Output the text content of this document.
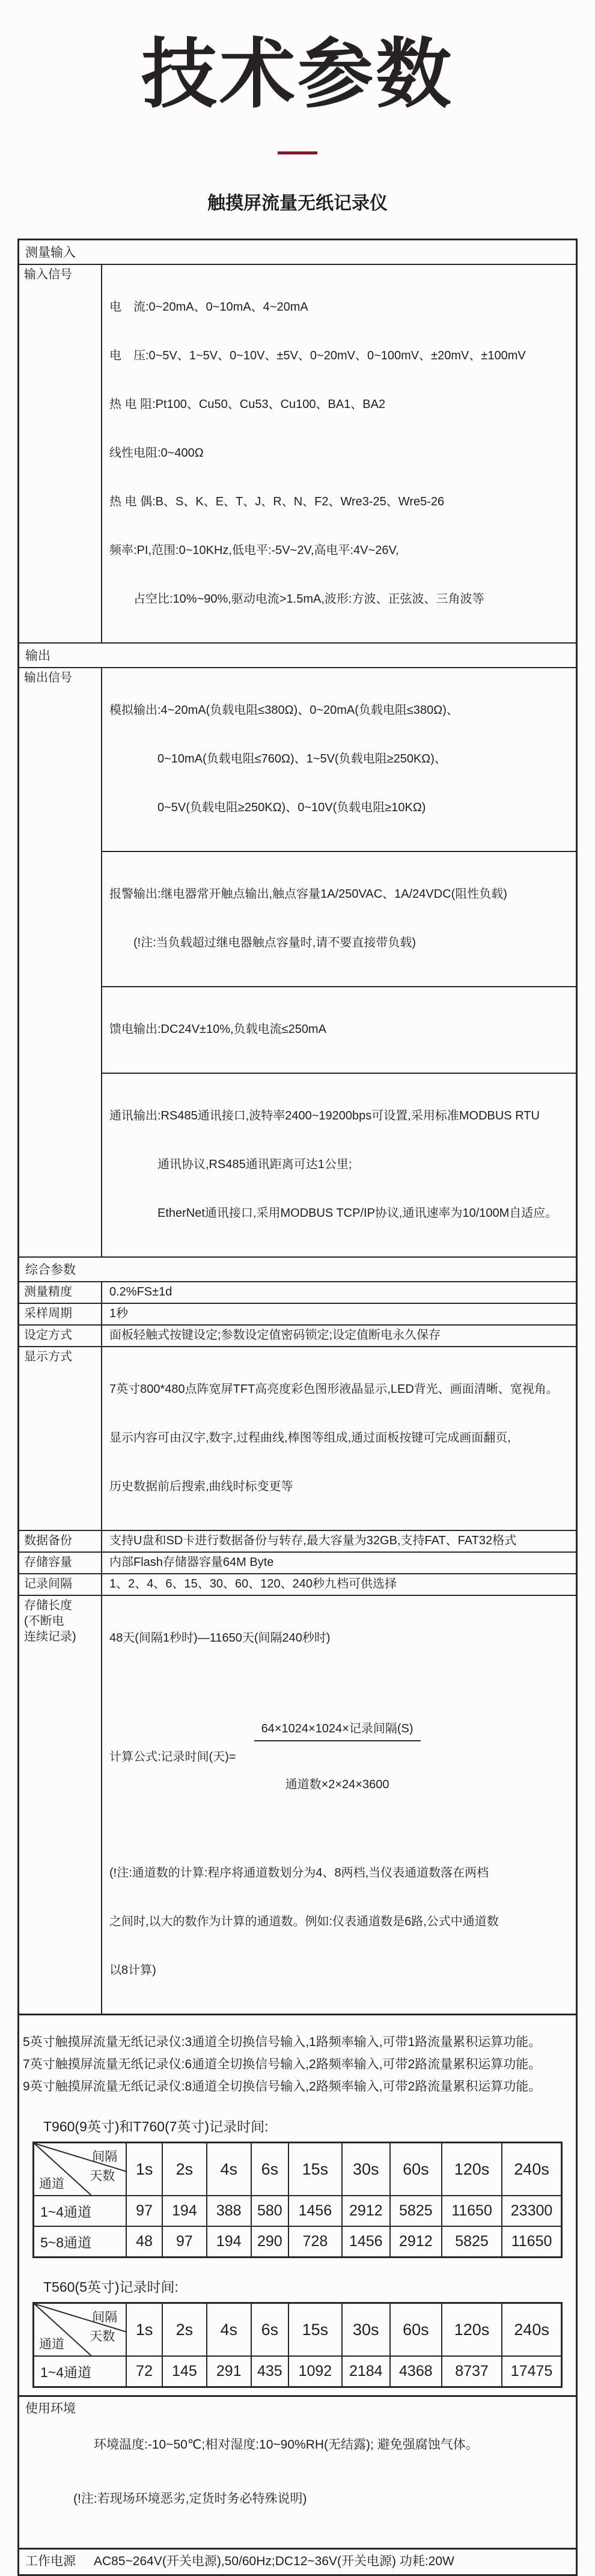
技术参数
触摸屏流量无纸记录仪
测量输入
输入信号

电　流:0~20mA、0~10mA、4~20mA

电　压:0~5V、1~5V、0~10V、±5V、0~20mV、0~100mV、±20mV、±100mV

热 电 阻:Pt100、Cu50、Cu53、Cu100、BA1、BA2

线性电阻:0~400Ω

热 电 偶:B、S、K、E、T、J、R、N、F2、Wre3-25、Wre5-26

频率:PI,范围:0~10KHz,低电平:-5V~2V,高电平:4V~26V,

　　占空比:10%~90%,驱动电流>1.5mA,波形:方波、正弦波、三角波等

输出
输出信号

模拟输出:4~20mA(负载电阻≤380Ω)、0~20mA(负载电阻≤380Ω)、

　　　　0~10mA(负载电阻≤760Ω)、1~5V(负载电阻≥250KΩ)、

　　　　0~5V(负载电阻≥250KΩ)、0~10V(负载电阻≥10KΩ)

报警输出:继电器常开触点输出,触点容量1A/250VAC、1A/24VDC(阻性负载)

　　(!注:当负载超过继电器触点容量时,请不要直接带负载)

馈电输出:DC24V±10%,负载电流≤250mA

通讯输出:RS485通讯接口,波特率2400~19200bps可设置,采用标准MODBUS RTU

　　　　通讯协议,RS485通讯距离可达1公里;

　　　　EtherNet通讯接口,采用MODBUS TCP/IP协议,通讯速率为10/100M自适应。

综合参数
测量精度	0.2%FS±1d
采样周期	1秒
设定方式	面板轻触式按键设定;参数设定值密码锁定;设定值断电永久保存
显示方式

7英寸800*480点阵宽屏TFT高亮度彩色图形液晶显示,LED背光、画面清晰、宽视角。

显示内容可由汉字,数字,过程曲线,棒图等组成,通过面板按键可完成画面翻页,

历史数据前后搜索,曲线时标变更等

数据备份	支持U盘和SD卡进行数据备份与转存,最大容量为32GB,支持FAT、FAT32格式
存储容量	内部Flash存储器容量64M Byte
记录间隔	1、2、4、6、15、30、60、120、240秒九档可供选择
存储长度
(不断电
连续记录)

	48天(间隔1秒时)—11650天(间隔240秒时)

计算公式:记录时间(天)=

$\frac{\text{64×1024×1024×记录间隔(S)}}{\text{通道数×2×24×3600}}$

(!注:通道数的计算:程序将通道数划分为4、8两档,当仪表通道数落在两档

之间时,以大的数作为计算的通道数。例如:仪表通道数是6路,公式中通道数

以8计算)

5英寸触摸屏流量无纸记录仪:3通道全切换信号输入,1路频率输入,可带1路流量累积运算功能。
7英寸触摸屏流量无纸记录仪:6通道全切换信号输入,2路频率输入,可带2路流量累积运算功能。
9英寸触摸屏流量无纸记录仪:8通道全切换信号输入,2路频率输入,可带2路流量累积运算功能。
T960(9英寸)和T760(7英寸)记录时间:
间隔
天数
通道	1s	2s	4s	6s	15s	30s	60s	120s	240s
1~4通道	97	194	388	580	1456	2912	5825	11650	23300
5~8通道	48	97	194	290	728	1456	2912	5825	11650
T560(5英寸)记录时间:
间隔
天数
通道	1s	2s	4s	6s	15s	30s	60s	120s	240s
1~4通道	72	145	291	435	1092	2184	4368	8737	17475
使用环境

环境温度:-10~50℃;相对湿度:10~90%RH(无结露); 避免强腐蚀气体。

(!注:若现场环境恶劣,定货时务必特殊说明)

工作电源	AC85~264V(开关电源),50/60Hz;DC12~36V(开关电源) 功耗:20W
